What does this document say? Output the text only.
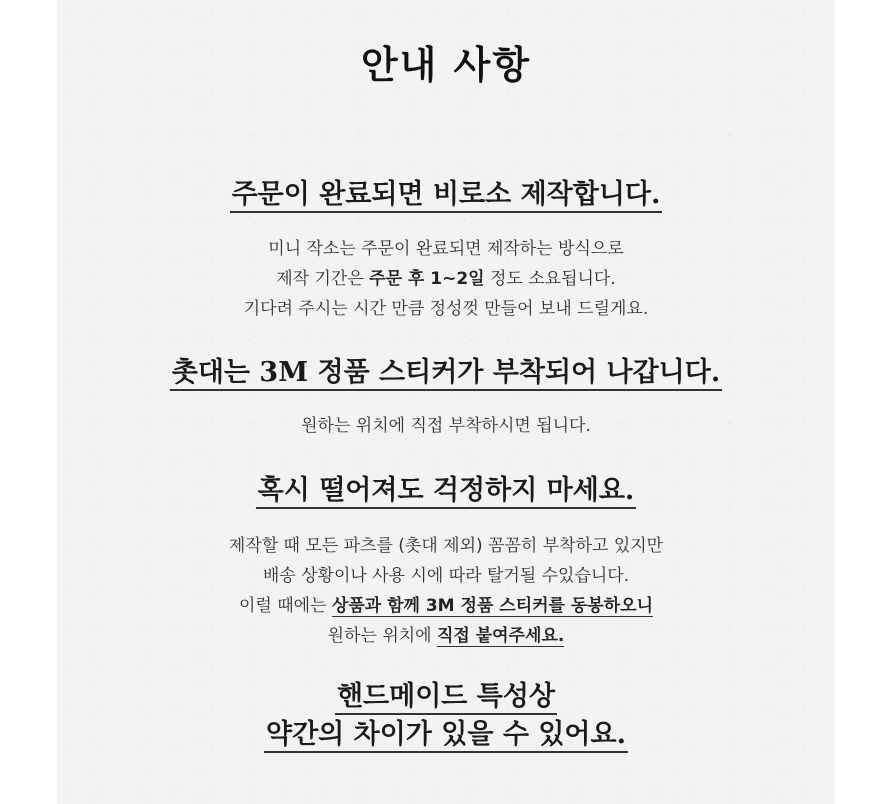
안내 사항
주문이 완료되면 비로소 제작합니다.
미니 작소는 주문이 완료되면 제작하는 방식으로
제작 기간은 주문 후 1~2일 정도 소요됩니다.
기다려 주시는 시간 만큼 정성껏 만들어 보내 드릴게요.
촛대는 3M 정품 스티커가 부착되어 나갑니다.
원하는 위치에 직접 부착하시면 됩니다.
혹시 떨어져도 걱정하지 마세요.
제작할 때 모든 파츠를 (촛대 제외) 꼼꼼히 부착하고 있지만
배송 상황이나 사용 시에 따라 탈거될 수있습니다.
이럴 때에는 상품과 함께 3M 정품 스티커를 동봉하오니
원하는 위치에 직접 붙여주세요.
핸드메이드 특성상
약간의 차이가 있을 수 있어요.
